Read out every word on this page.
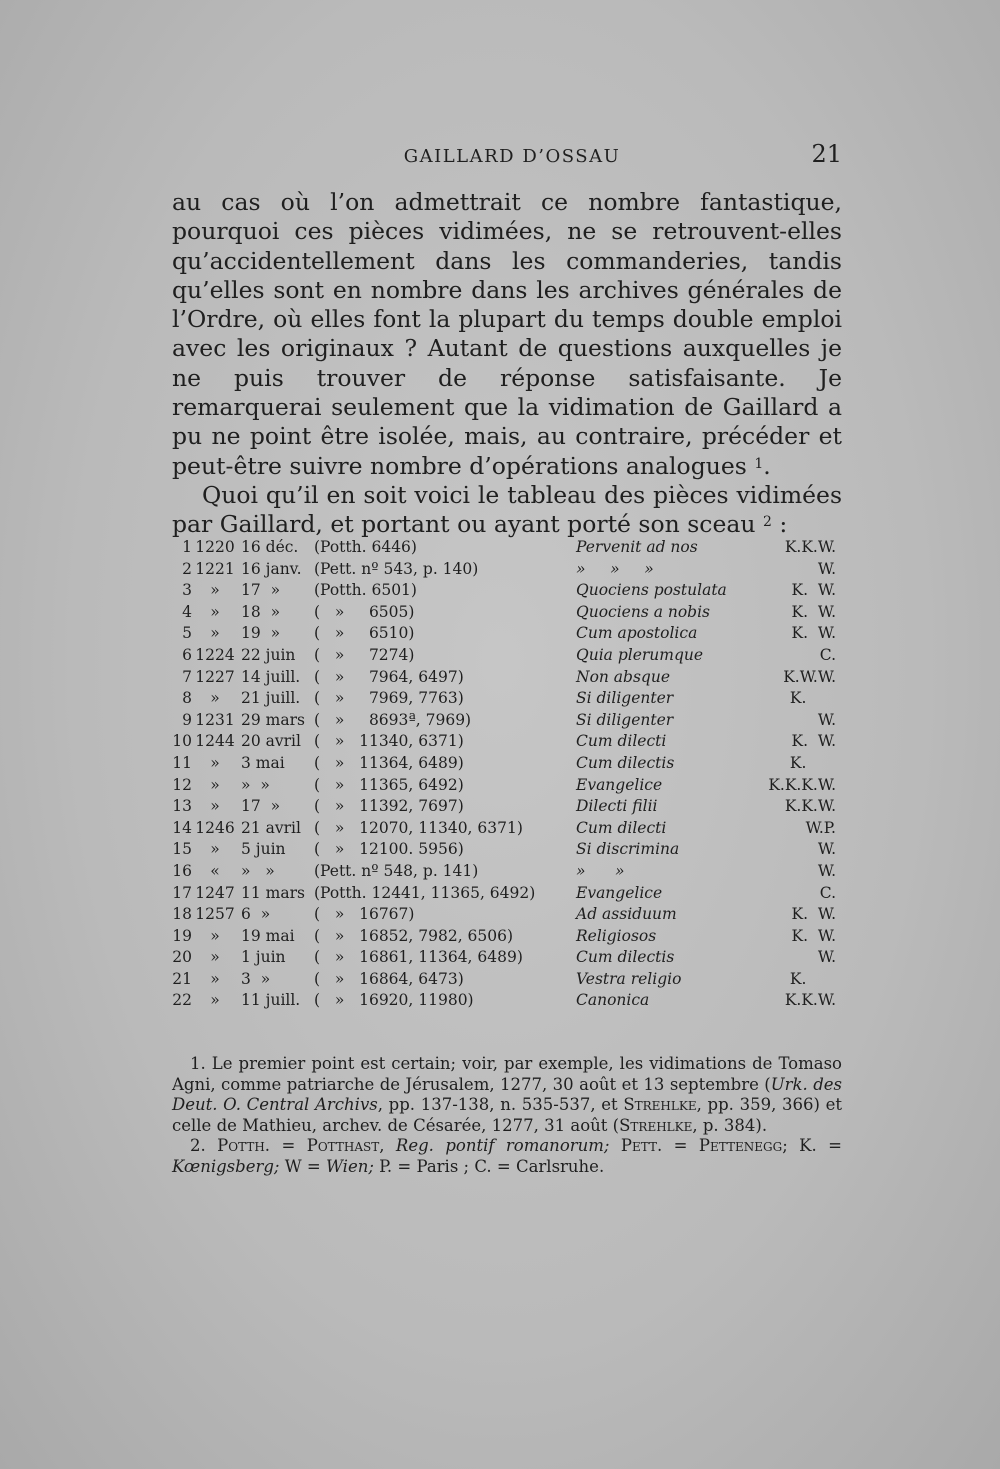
GAILLARD D’OSSAU	21

au cas où l’on admettrait ce nombre fantastique, pourquoi ces pièces vidimées, ne se retrouvent-elles qu’accidentellement dans les commanderies, tandis qu’elles sont en nombre dans les archives générales de l’Ordre, où elles font la plupart du temps double emploi avec les originaux ? Autant de questions auxquelles je ne puis trouver de réponse satisfaisante. Je remarquerai seulement que la vidimation de Gaillard a pu ne point être isolée, mais, au contraire, précéder et peut-être suivre nombre d’opérations analogues $^1$.

Quoi qu’il en soit voici le tableau des pièces vidimées par Gaillard, et portant ou ayant porté son sceau $^2$ :

1	1220	16 déc.	(Potth. 6446)	Pervenit ad nos	K.K.W.
2	1221	16 janv.	(Pett. nº 543, p. 140)	»     »     »	W.
3	»	17  »	(Potth. 6501)	Quociens postulata	K.  W.
4	»	18  »	(   »     6505)	Quociens a nobis	K.  W.
5	»	19  »	(   »     6510)	Cum apostolica	K.  W.
6	1224	22 juin	(   »     7274)	Quia plerumque	C.
7	1227	14 juill.	(   »     7964, 6497)	Non absque	K.W.W.
8	»	21 juill.	(   »     7969, 7763)	Si diligenter	K.
9	1231	29 mars	(   »     8693ª, 7969)	Si diligenter	W.
10	1244	20 avril	(   »   11340, 6371)	Cum dilecti	K.  W.
11	»	3 mai	(   »   11364, 6489)	Cum dilectis	K.
12	»	»  »	(   »   11365, 6492)	Evangelice	K.K.K.W.
13	»	17  »	(   »   11392, 7697)	Dilecti filii	K.K.W.
14	1246	21 avril	(   »   12070, 11340, 6371)	Cum dilecti	W.P.
15	»	5 juin	(   »   12100. 5956)	Si discrimina	W.
16	«	»   »	(Pett. nº 548, p. 141)	»      »	W.
17	1247	11 mars	(Potth. 12441, 11365, 6492)	Evangelice	C.
18	1257	6  »	(   »   16767)	Ad assiduum	K.  W.
19	»	19 mai	(   »   16852, 7982, 6506)	Religiosos	K.  W.
20	»	1 juin	(   »   16861, 11364, 6489)	Cum dilectis	W.
21	»	3  »	(   »   16864, 6473)	Vestra religio	K.
22	»	11 juill.	(   »   16920, 11980)	Canonica	K.K.W.

1. Le premier point est certain; voir, par exemple, les vidimations de Tomaso Agni, comme patriarche de Jérusalem, 1277, 30 août et 13 septembre (Urk. des Deut. O. Central Archivs, pp. 137-138, n. 535-537, et Strehlke, pp. 359, 366) et celle de Mathieu, archev. de Césarée, 1277, 31 août (Strehlke, p. 384).

2. Potth. = Potthast, Reg. pontif romanorum; Pett. = Pettenegg; K. = Kœnigsberg; W = Wien; P. = Paris ; C. = Carlsruhe.
